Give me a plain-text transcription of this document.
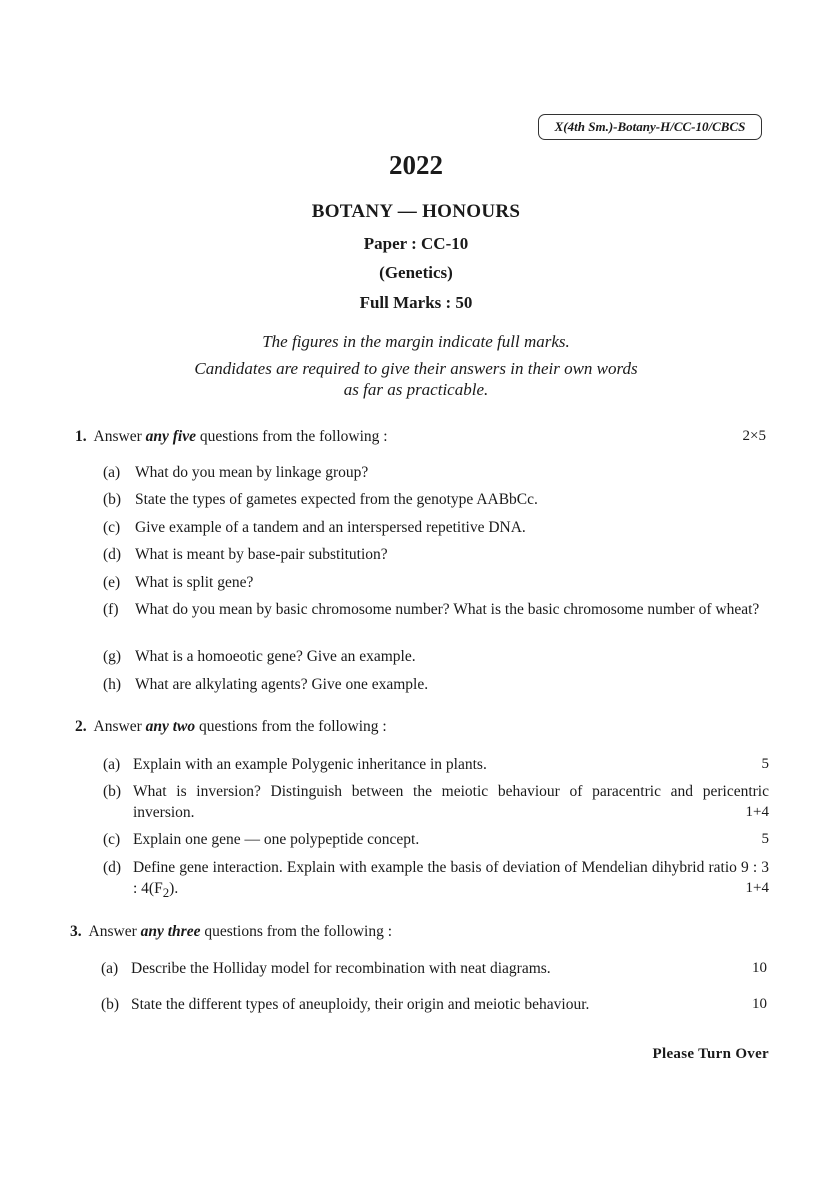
X(4th Sm.)-Botany-H/CC-10/CBCS
2022
BOTANY — HONOURS
Paper : CC-10
(Genetics)
Full Marks : 50
The figures in the margin indicate full marks.
Candidates are required to give their answers in their own words
as far as practicable.
1. Answer any five questions from the following :	2×5
(a) What do you mean by linkage group?
(b) State the types of gametes expected from the genotype AABbCc.
(c) Give example of a tandem and an interspersed repetitive DNA.
(d) What is meant by base-pair substitution?
(e) What is split gene?
(f)	What do you mean by basic chromosome number? What is the basic chromosome number of wheat?
(g) What is a homoeotic gene? Give an example.
(h) What are alkylating agents? Give one example.
2. Answer any two questions from the following :
(a) Explain with an example Polygenic inheritance in plants.	5
(b) What is inversion? Distinguish between the meiotic behaviour of paracentric and pericentric inversion.	1+4
(c) Explain one gene — one polypeptide concept.	5
(d) Define gene interaction. Explain with example the basis of deviation of Mendelian dihybrid ratio 9 : 3 : $4(F_2)$.	1+4
3. Answer any three questions from the following :
(a) Describe the Holliday model for recombination with neat diagrams.	10
(b) State the different types of aneuploidy, their origin and meiotic behaviour.	10
Please Turn Over
